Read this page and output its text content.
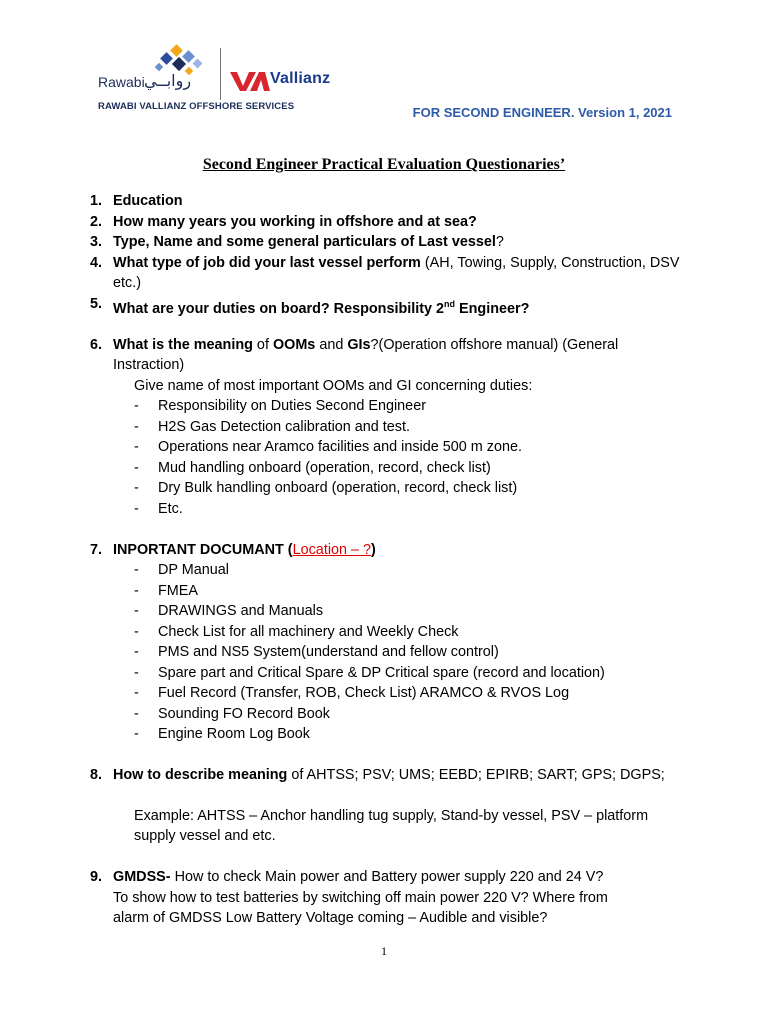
Rawabi روابــي	Vallianz
RAWABI VALLIANZ OFFSHORE SERVICES	FOR SECOND ENGINEER. Version 1, 2021
Second Engineer Practical Evaluation Questionaries’
1. Education
2. How many years you working in offshore and at sea?
3. Type, Name and some general particulars of Last vessel?
4. What type of job did your last vessel perform (AH, Towing, Supply, Construction, DSV etc.)
5. What are your duties on board? Responsibility 2nd Engineer?
6. What is the meaning of OOMs and GIs?(Operation offshore manual) (General Instraction)
Give name of most important OOMs and GI concerning duties:
- Responsibility on Duties Second Engineer
- H2S Gas Detection calibration and test.
- Operations near Aramco facilities and inside 500 m zone.
- Mud handling onboard (operation, record, check list)
- Dry Bulk handling onboard (operation, record, check list)
- Etc.
7. INPORTANT DOCUMANT (Location – ?)
- DP Manual
- FMEA
- DRAWINGS and Manuals
- Check List for all machinery and Weekly Check
- PMS and NS5 System(understand and fellow control)
- Spare part and Critical Spare & DP Critical spare (record and location)
- Fuel Record (Transfer, ROB, Check List) ARAMCO & RVOS Log
- Sounding FO Record Book
- Engine Room Log Book
8. How to describe meaning of AHTSS; PSV; UMS; EEBD; EPIRB; SART; GPS; DGPS;
Example: AHTSS – Anchor handling tug supply, Stand-by vessel, PSV – platform supply vessel and etc.
9. GMDSS- How to check Main power and Battery power supply 220 and 24 V?
To show how to test batteries by switching off main power 220 V? Where from
alarm of GMDSS Low Battery Voltage coming – Audible and visible?
1
